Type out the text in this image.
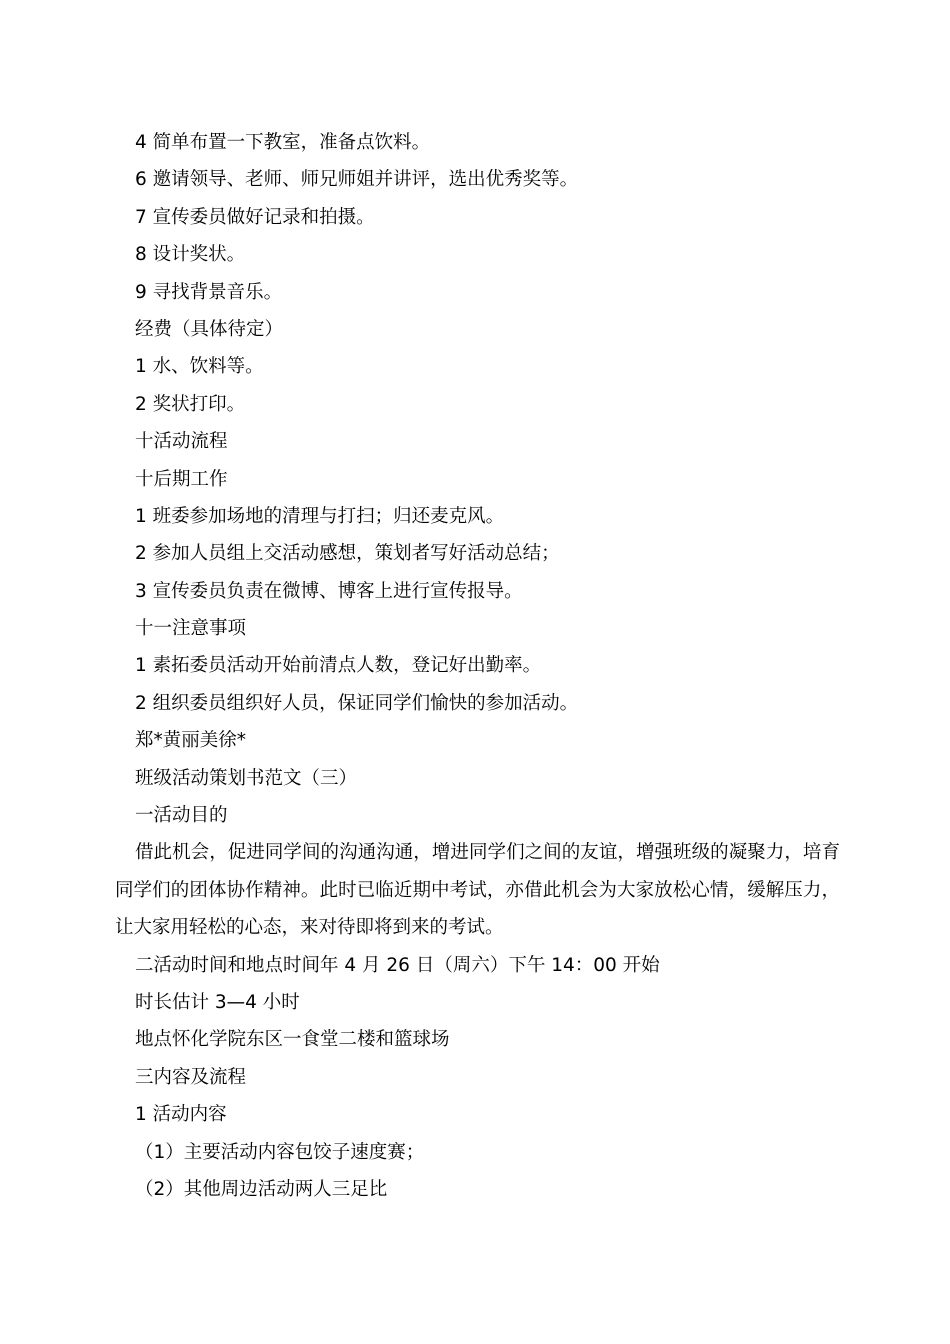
4 简单布置一下教室，准备点饮料。
6 邀请领导、老师、师兄师姐并讲评，选出优秀奖等。
7 宣传委员做好记录和拍摄。
8 设计奖状。
9 寻找背景音乐。
经费（具体待定）
1 水、饮料等。
2 奖状打印。
十活动流程
十后期工作
1 班委参加场地的清理与打扫；归还麦克风。
2 参加人员组上交活动感想，策划者写好活动总结；
3 宣传委员负责在微博、博客上进行宣传报导。
十一注意事项
1 素拓委员活动开始前清点人数，登记好出勤率。
2 组织委员组织好人员，保证同学们愉快的参加活动。
郑*黄丽美徐*
班级活动策划书范文（三）
一活动目的

借此机会，促进同学间的沟通沟通，增进同学们之间的友谊，增强班级的凝聚力，培育同学们的团体协作精神。此时已临近期中考试，亦借此机会为大家放松心情，缓解压力，让大家用轻松的心态，来对待即将到来的考试。

二活动时间和地点时间年 4 月 26 日（周六）下午 14：00 开始
时长估计 3—4 小时
地点怀化学院东区一食堂二楼和篮球场
三内容及流程
1 活动内容
（1）主要活动内容包饺子速度赛；
（2）其他周边活动两人三足比
